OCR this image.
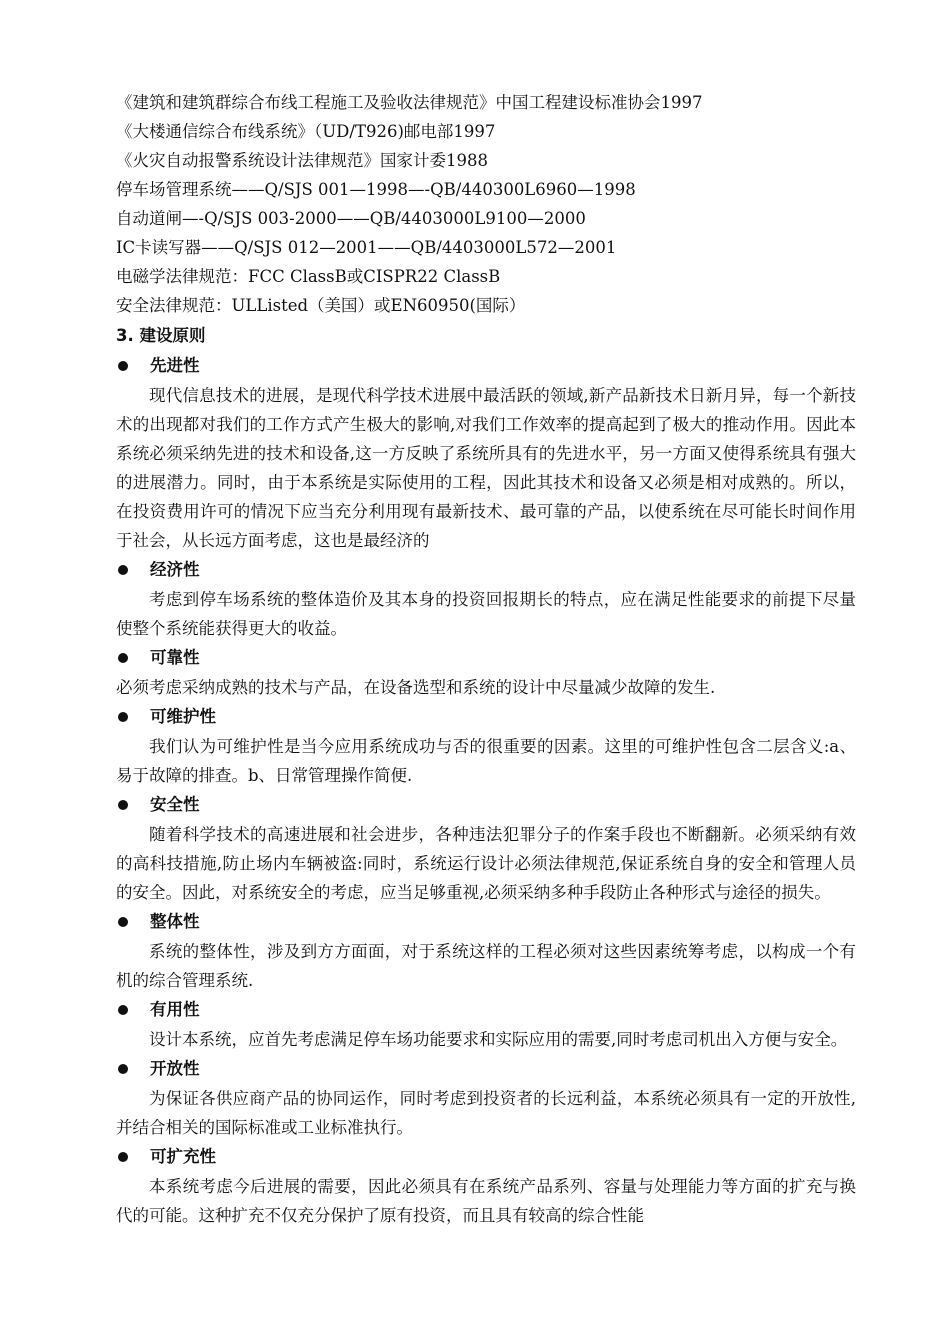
《建筑和建筑群综合布线工程施工及验收法律规范》中国工程建设标准协会1997
《大楼通信综合布线系统》（UD/T926)邮电部1997
《火灾自动报警系统设计法律规范》国家计委1988
停车场管理系统——Q/SJS 001—1998—-QB/440300L6960—1998
自动道闸—-Q/SJS 003-2000——QB/4403000L9100—2000
IC卡读写器——Q/SJS 012—2001——QB/4403000L572—2001
电磁学法律规范：FCC ClassB或CISPR22 ClassB
安全法律规范：ULListed（美国）或EN60950(国际）
3. 建设原则
先进性
现代信息技术的进展，是现代科学技术进展中最活跃的领域,新产品新技术日新月异，每一个新技术的出现都对我们的工作方式产生极大的影响,对我们工作效率的提高起到了极大的推动作用。因此本系统必须采纳先进的技术和设备,这一方反映了系统所具有的先进水平，另一方面又使得系统具有强大的进展潜力。同时，由于本系统是实际使用的工程，因此其技术和设备又必须是相对成熟的。所以，在投资费用许可的情况下应当充分利用现有最新技术、最可靠的产品，以使系统在尽可能长时间作用于社会，从长远方面考虑，这也是最经济的
经济性
考虑到停车场系统的整体造价及其本身的投资回报期长的特点，应在满足性能要求的前提下尽量使整个系统能获得更大的收益。
可靠性
必须考虑采纳成熟的技术与产品，在设备选型和系统的设计中尽量减少故障的发生.
可维护性
我们认为可维护性是当今应用系统成功与否的很重要的因素。这里的可维护性包含二层含义:a、易于故障的排查。b、日常管理操作简便.
安全性
随着科学技术的高速进展和社会进步，各种违法犯罪分子的作案手段也不断翻新。必须采纳有效的高科技措施,防止场内车辆被盗:同时，系统运行设计必须法律规范,保证系统自身的安全和管理人员的安全。因此，对系统安全的考虑，应当足够重视,必须采纳多种手段防止各种形式与途径的损失。
整体性
系统的整体性，涉及到方方面面，对于系统这样的工程必须对这些因素统筹考虑，以构成一个有机的综合管理系统.
有用性
设计本系统，应首先考虑满足停车场功能要求和实际应用的需要,同时考虑司机出入方便与安全。
开放性
为保证各供应商产品的协同运作，同时考虑到投资者的长远利益，本系统必须具有一定的开放性,并结合相关的国际标准或工业标准执行。
可扩充性
本系统考虑今后进展的需要，因此必须具有在系统产品系列、容量与处理能力等方面的扩充与换代的可能。这种扩充不仅充分保护了原有投资，而且具有较高的综合性能
